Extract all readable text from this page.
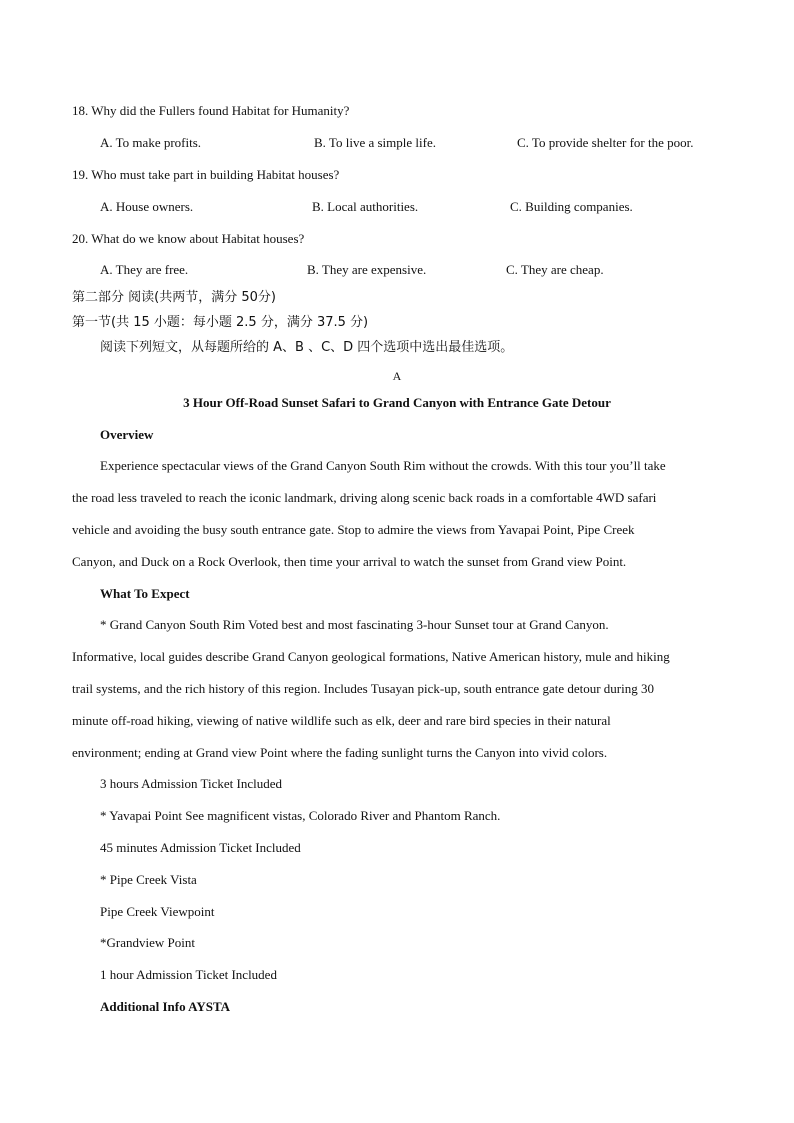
18. Why did the Fullers found Habitat for Humanity?
A. To make profits.	B. To live a simple life.	C. To provide shelter for the poor.
19. Who must take part in building Habitat houses?
A. House owners.	B. Local authorities.	C. Building companies.
20. What do we know about Habitat houses?
A. They are free.	B. They are expensive.	C. They are cheap.
第二部分 阅读(共两节，满分 50分)
第一节(共 15 小题：每小题 2.5 分，满分 37.5 分)
阅读下列短文，从每题所给的 A、B 、C、D 四个选项中选出最佳选项。
A
3 Hour Off-Road Sunset Safari to Grand Canyon with Entrance Gate Detour
Overview
Experience spectacular views of the Grand Canyon South Rim without the crowds. With this tour you’ll take
the road less traveled to reach the iconic landmark, driving along scenic back roads in a comfortable 4WD safari
vehicle and avoiding the busy south entrance gate. Stop to admire the views from Yavapai Point, Pipe Creek
Canyon, and Duck on a Rock Overlook, then time your arrival to watch the sunset from Grand view Point.
What To Expect
* Grand Canyon South Rim Voted best and most fascinating 3-hour Sunset tour at Grand Canyon.
Informative, local guides describe Grand Canyon geological formations, Native American history, mule and hiking
trail systems, and the rich history of this region. Includes Tusayan pick-up, south entrance gate detour during 30
minute off-road hiking, viewing of native wildlife such as elk, deer and rare bird species in their natural
environment; ending at Grand view Point where the fading sunlight turns the Canyon into vivid colors.
3 hours Admission Ticket Included
* Yavapai Point See magnificent vistas, Colorado River and Phantom Ranch.
45 minutes Admission Ticket Included
* Pipe Creek Vista
Pipe Creek Viewpoint
*Grandview Point
1 hour Admission Ticket Included
Additional Info AYSTA
